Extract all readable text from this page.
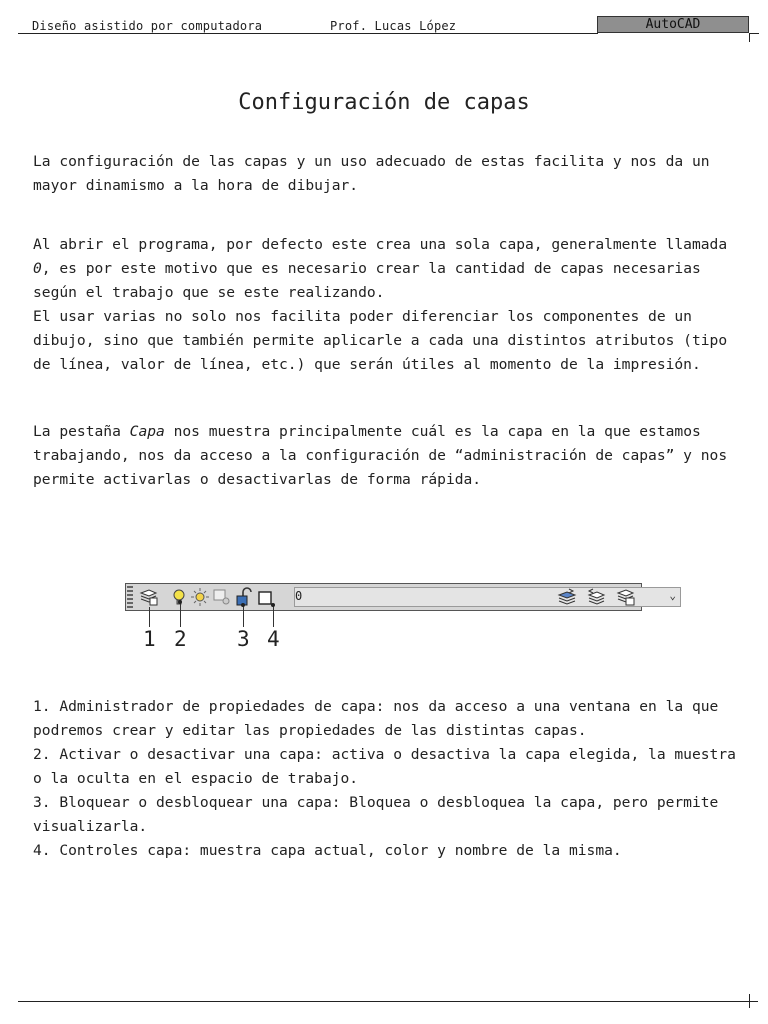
Diseño asistido por computadora	Prof. Lucas López	AutoCAD
Configuración de capas

La configuración de las capas y un uso adecuado de estas facilita y nos da un mayor dinamismo a la hora de dibujar.

Al abrir el programa, por defecto este crea una sola capa, generalmente llamada 0, es por este motivo que es necesario crear la cantidad de capas necesarias según el trabajo que se este realizando.

El usar varias no solo nos facilita poder diferenciar los componentes de un dibujo, sino que también permite aplicarle a cada una distintos atributos (tipo de línea, valor de línea, etc.) que serán útiles al momento de la impresión.

La pestaña Capa nos muestra principalmente cuál es la capa en la que estamos trabajando, nos da acceso a la configuración de “administración de capas” y nos permite activarlas o desactivarlas de forma rápida.

0	⌄
1 2 3 4
1. Administrador de propiedades de capa: nos da acceso a una ventana en la que podremos crear y editar las propiedades de las distintas capas.
2. Activar o desactivar una capa: activa o desactiva la capa elegida, la muestra o la oculta en el espacio de trabajo.
3. Bloquear o desbloquear una capa: Bloquea o desbloquea la capa, pero permite visualizarla.
4. Controles capa: muestra capa actual, color y nombre de la misma.
